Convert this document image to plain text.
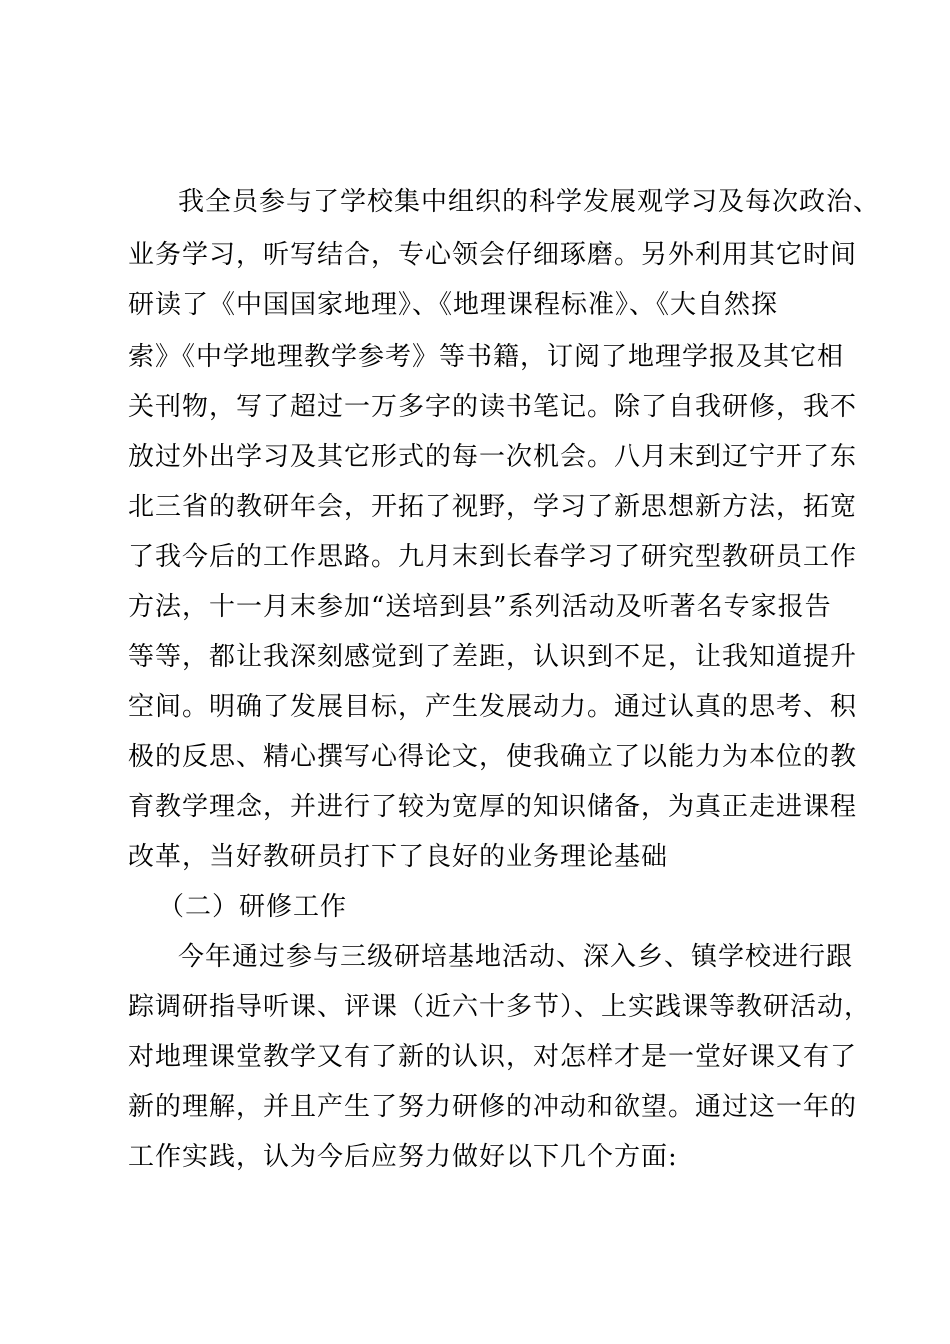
我全员参与了学校集中组织的科学发展观学习及每次政治、
业务学习，听写结合，专心领会仔细琢磨。另外利用其它时间
研读了《中国国家地理》、《地理课程标准》、《大自然探
索》《中学地理教学参考》等书籍，订阅了地理学报及其它相
关刊物，写了超过一万多字的读书笔记。除了自我研修，我不
放过外出学习及其它形式的每一次机会。八月末到辽宁开了东
北三省的教研年会，开拓了视野，学习了新思想新方法，拓宽
了我今后的工作思路。九月末到长春学习了研究型教研员工作
方法，十一月末参加“送培到县”系列活动及听著名专家报告
等等，都让我深刻感觉到了差距，认识到不足，让我知道提升
空间。明确了发展目标，产生发展动力。通过认真的思考、积
极的反思、精心撰写心得论文，使我确立了以能力为本位的教
育教学理念，并进行了较为宽厚的知识储备，为真正走进课程
改革，当好教研员打下了良好的业务理论基础
（二）研修工作
今年通过参与三级研培基地活动、深入乡、镇学校进行跟
踪调研指导听课、评课（近六十多节）、上实践课等教研活动，
对地理课堂教学又有了新的认识，对怎样才是一堂好课又有了
新的理解，并且产生了努力研修的冲动和欲望。通过这一年的
工作实践，认为今后应努力做好以下几个方面:
